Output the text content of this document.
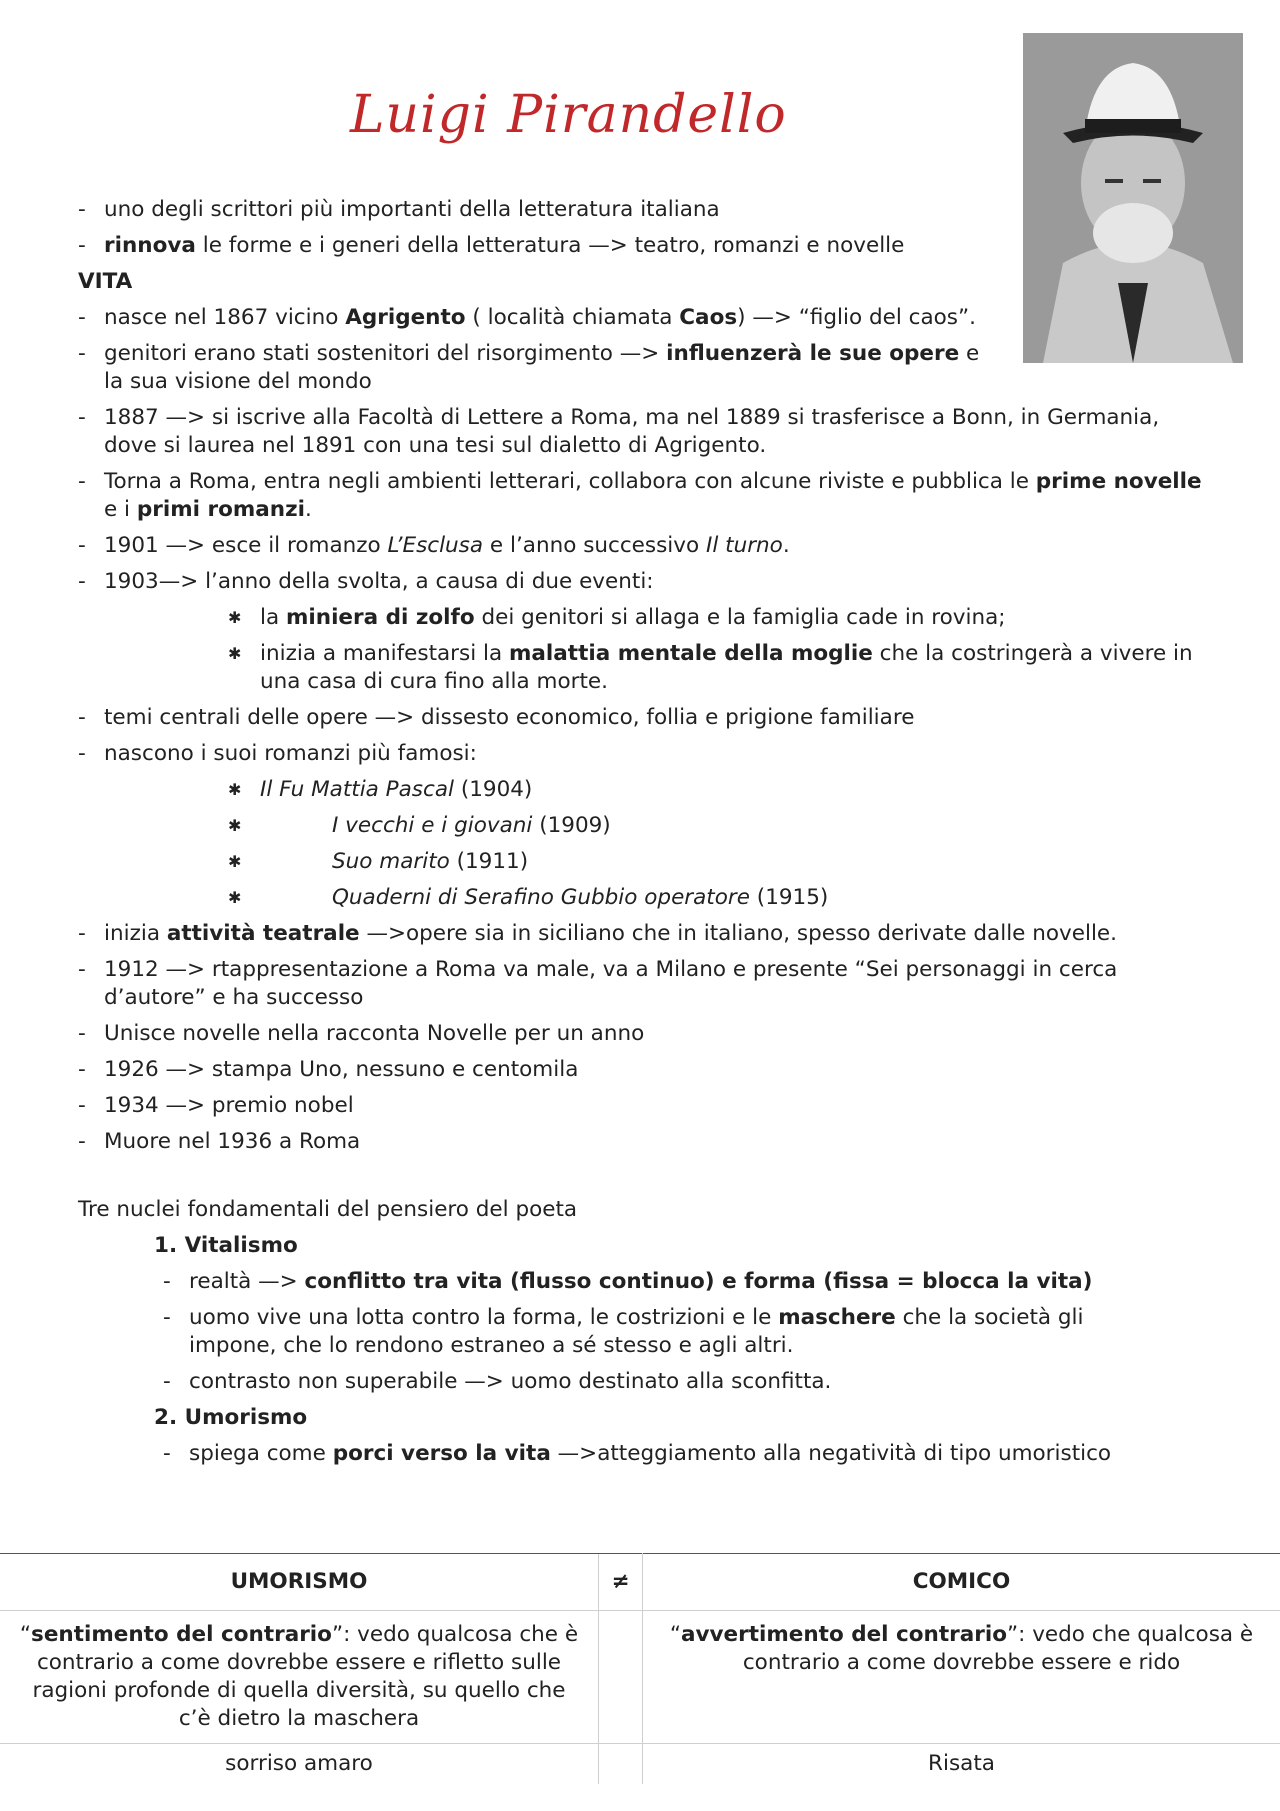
Luigi Pirandello
- uno degli scrittori più importanti della letteratura italiana
- rinnova le forme e i generi della letteratura —> teatro, romanzi e novelle
VITA
- nasce nel 1867 vicino Agrigento ( località chiamata Caos) —> “figlio del caos”.
- genitori erano stati sostenitori del risorgimento —> influenzerà le sue opere e la sua visione del mondo
- 1887 —> si iscrive alla Facoltà di Lettere a Roma, ma nel 1889 si trasferisce a Bonn, in Germania, dove si laurea nel 1891 con una tesi sul dialetto di Agrigento.
- Torna a Roma, entra negli ambienti letterari, collabora con alcune riviste e pubblica le prime novelle e i primi romanzi.
- 1901 —> esce il romanzo L’Esclusa e l’anno successivo Il turno.
- 1903—> l’anno della svolta, a causa di due eventi:
✱ la miniera di zolfo dei genitori si allaga e la famiglia cade in rovina;
✱ inizia a manifestarsi la malattia mentale della moglie che la costringerà a vivere in una casa di cura fino alla morte.
- temi centrali delle opere —> dissesto economico, follia e prigione familiare
- nascono i suoi romanzi più famosi:
✱ Il Fu Mattia Pascal (1904)
✱ I vecchi e i giovani (1909)
✱ Suo marito (1911)
✱ Quaderni di Serafino Gubbio operatore (1915)
- inizia attività teatrale —>opere sia in siciliano che in italiano, spesso derivate dalle novelle.
- 1912 —> rtappresentazione a Roma va male, va a Milano e presente “Sei personaggi in cerca d’autore” e ha successo
- Unisce novelle nella racconta Novelle per un anno
- 1926 —> stampa Uno, nessuno e centomila
- 1934 —> premio nobel
- Muore nel 1936 a Roma
Tre nuclei fondamentali del pensiero del poeta
1. Vitalismo
- realtà —> conflitto tra vita (flusso continuo) e forma (fissa = blocca la vita)
- uomo vive una lotta contro la forma, le costrizioni e le maschere che la società gli impone, che lo rendono estraneo a sé stesso e agli altri.
- contrasto non superabile —> uomo destinato alla sconfitta.
2. Umorismo
- spiega come porci verso la vita —>atteggiamento alla negatività di tipo umoristico
UMORISMO	≠	COMICO
“sentimento del contrario”: vedo qualcosa che è contrario a come dovrebbe essere e rifletto sulle ragioni profonde di quella diversità, su quello che c’è dietro la maschera		“avvertimento del contrario”: vedo che qualcosa è contrario a come dovrebbe essere e rido
sorriso amaro		Risata
